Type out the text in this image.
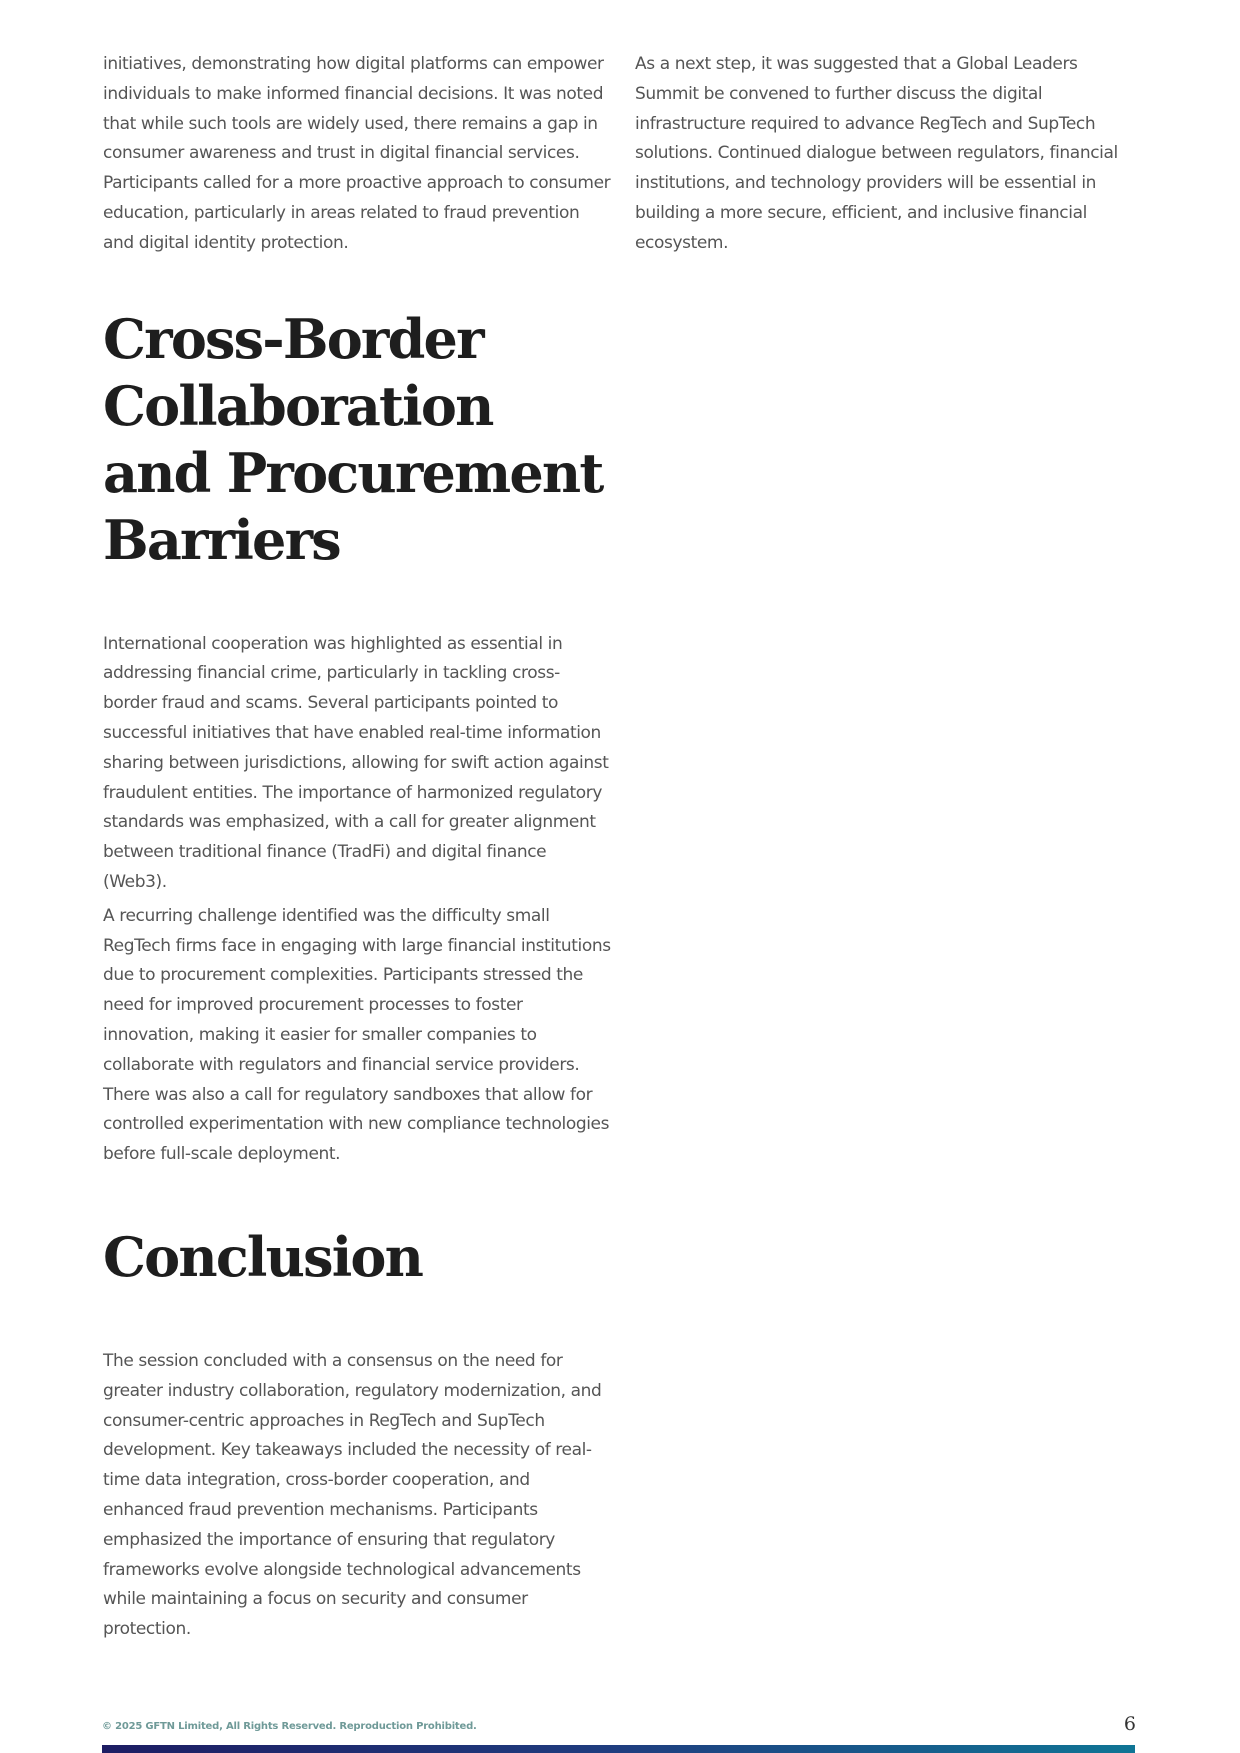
initiatives, demonstrating how digital platforms can empower individuals to make informed financial decisions. It was noted that while such tools are widely used, there remains a gap in consumer awareness and trust in digital financial services. Participants called for a more proactive approach to consumer education, particularly in areas related to fraud prevention and digital identity protection.

Cross-Border Collaboration and Procurement Barriers

International cooperation was highlighted as essential in addressing financial crime, particularly in tackling cross-border fraud and scams. Several participants pointed to successful initiatives that have enabled real-time information sharing between jurisdictions, allowing for swift action against fraudulent entities. The importance of harmonized regulatory standards was emphasized, with a call for greater alignment between traditional finance (TradFi) and digital finance (Web3).

A recurring challenge identified was the difficulty small RegTech firms face in engaging with large financial institutions due to procurement complexities. Participants stressed the need for improved procurement processes to foster innovation, making it easier for smaller companies to collaborate with regulators and financial service providers. There was also a call for regulatory sandboxes that allow for controlled experimentation with new compliance technologies before full-scale deployment.

Conclusion

The session concluded with a consensus on the need for greater industry collaboration, regulatory modernization, and consumer-centric approaches in RegTech and SupTech development. Key takeaways included the necessity of real-time data integration, cross-border cooperation, and enhanced fraud prevention mechanisms. Participants emphasized the importance of ensuring that regulatory frameworks evolve alongside technological advancements while maintaining a focus on security and consumer protection.

As a next step, it was suggested that a Global Leaders Summit be convened to further discuss the digital infrastructure required to advance RegTech and SupTech solutions. Continued dialogue between regulators, financial institutions, and technology providers will be essential in building a more secure, efficient, and inclusive financial ecosystem.

© 2025 GFTN Limited, All Rights Reserved. Reproduction Prohibited.	6
